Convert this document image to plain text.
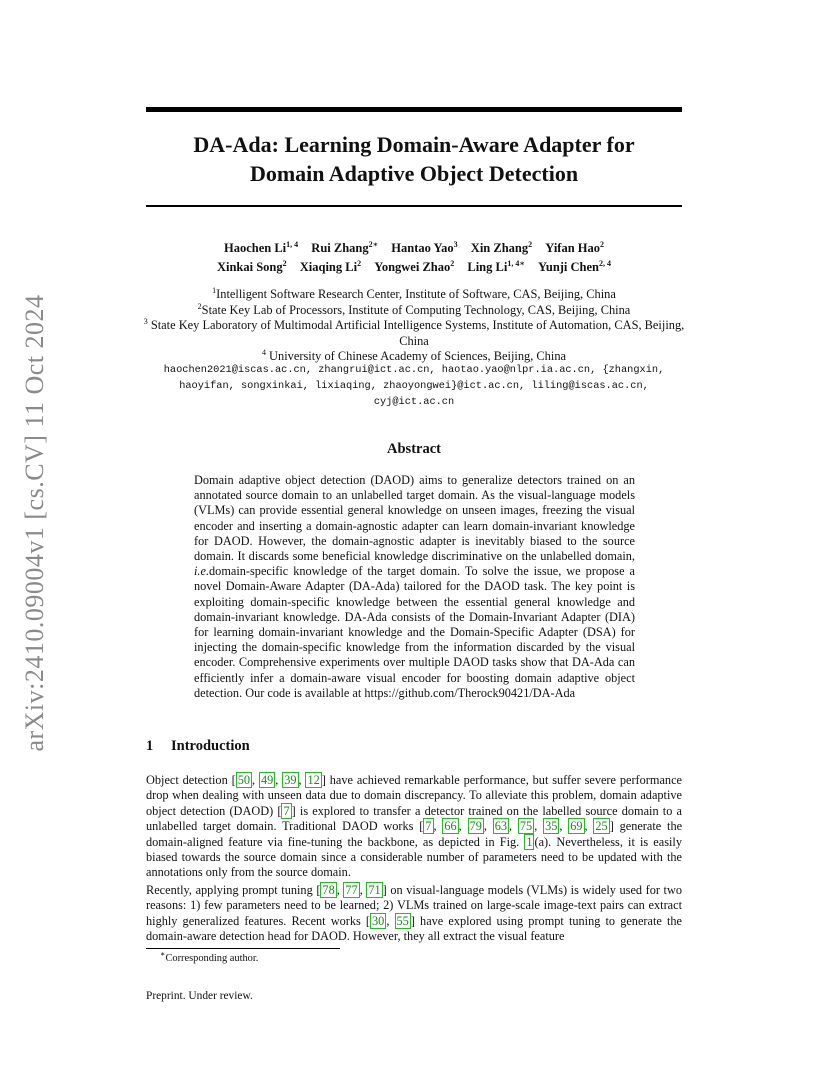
arXiv:2410.09004v1 [cs.CV] 11 Oct 2024
DA-Ada: Learning Domain-Aware Adapter for
Domain Adaptive Object Detection
Haochen Li$^{1, 4}$ Rui Zhang$^{2∗}$ Hantao Yao$^3$ Xin Zhang$^2$ Yifan Hao$^2$
Xinkai Song$^2$ Xiaqing Li$^2$ Yongwei Zhao$^2$ Ling $Li^{1, 4∗}$ Yunji Chen$^{2, 4}$
$^1$Intelligent Software Research Center, Institute of Software, CAS, Beijing, China
$^2$State Key Lab of Processors, Institute of Computing Technology, CAS, Beijing, China
$^3$ State Key Laboratory of Multimodal Artificial Intelligence Systems, Institute of Automation, CAS, Beijing, China
$^4$ University of Chinese Academy of Sciences, Beijing, China
haochen2021@iscas.ac.cn, zhangrui@ict.ac.cn, haotao.yao@nlpr.ia.ac.cn, {zhangxin, haoyifan, songxinkai, lixiaqing, zhaoyongwei}@ict.ac.cn, liling@iscas.ac.cn, cyj@ict.ac.cn
Abstract
Domain adaptive object detection (DAOD) aims to generalize detectors trained on an annotated source domain to an unlabelled target domain. As the visual-language models (VLMs) can provide essential general knowledge on unseen images, freezing the visual encoder and inserting a domain-agnostic adapter can learn domain-invariant knowledge for DAOD. However, the domain-agnostic adapter is inevitably biased to the source domain. It discards some beneficial knowledge discriminative on the unlabelled domain, i.e.domain-specific knowledge of the target domain. To solve the issue, we propose a novel Domain-Aware Adapter (DA-Ada) tailored for the DAOD task. The key point is exploiting domain-specific knowledge between the essential general knowledge and domain-invariant knowledge. DA-Ada consists of the Domain-Invariant Adapter (DIA) for learning domain-invariant knowledge and the Domain-Specific Adapter (DSA) for injecting the domain-specific knowledge from the information discarded by the visual encoder. Comprehensive experiments over multiple DAOD tasks show that DA-Ada can efficiently infer a domain-aware visual encoder for boosting domain adaptive object detection. Our code is available at https://github.com/Therock90421/DA-Ada
1 Introduction
Object detection [ 50 , 49 , 39 , 12 ] have achieved remarkable performance, but suffer severe performance drop when dealing with unseen data due to domain discrepancy. To alleviate this problem, domain adaptive object detection (DAOD) [ 7 ] is explored to transfer a detector trained on the labelled source domain to a unlabelled target domain. Traditional DAOD works [ 7 , 66 , 79 , 63 , 75 , 35 , 69 , 25 ] generate the domain-aligned feature via fine-tuning the backbone, as depicted in Fig. 1 (a). Nevertheless, it is easily biased towards the source domain since a considerable number of parameters need to be updated with the annotations only from the source domain.
Recently, applying prompt tuning [ 78 , 77 , 71 ] on visual-language models (VLMs) is widely used for two reasons: 1) few parameters need to be learned; 2) VLMs trained on large-scale image-text pairs can extract highly generalized features. Recent works [ 30 , 55 ] have explored using prompt tuning to generate the domain-aware detection head for DAOD. However, they all extract the visual feature
∗Corresponding author.
Preprint. Under review.
